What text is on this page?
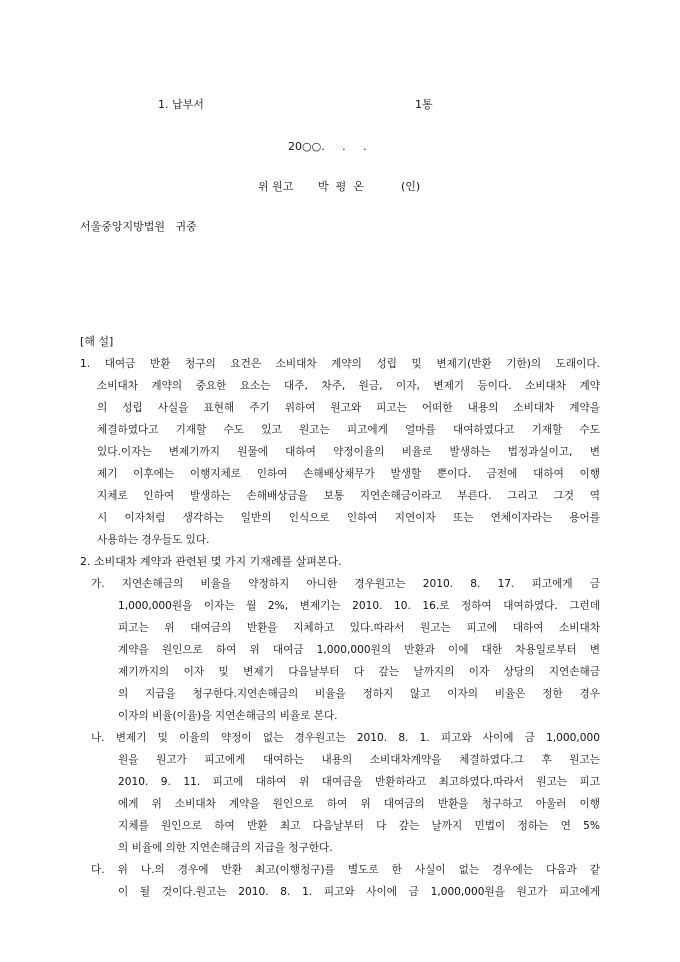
1. 납부서	1통
20○○.     .     .
위 원고 박  평  온	(인)
서울중앙지방법원   귀중
[해 설]
1. 대여금 반환 청구의 요건은 소비대차 계약의 성립 및 변제기(반환 기한)의 도래이다.
소비대차 계약의 중요한 요소는 대주, 차주, 원금, 이자, 변제기 등이다. 소비대차 계약
의 성립 사실을 표현해 주기 위하여 원고와 피고는 어떠한 내용의 소비대차 계약을
체결하였다고 기재할 수도 있고 원고는 피고에게 얼마를 대여하였다고 기재할 수도
있다.이자는 변제기까지 원물에 대하여 약정이율의 비율로 발생하는 법정과실이고, 변
제기 이후에는 이행지체로 인하여 손해배상채무가 발생할 뿐이다. 금전에 대하여 이행
지체로 인하여 발생하는 손해배상금을 보통 지연손해금이라고 부른다. 그리고 그것 역
시 이자처럼 생각하는 일반의 인식으로 인하여 지연이자 또는 연체이자라는 용어를
사용하는 경우들도 있다.
2. 소비대차 계약과 관련된 몇 가지 기재례를 살펴본다.
가. 지연손해금의 비율을 약정하지 아니한 경우원고는 2010. 8. 17. 피고에게 금
1,000,000원을 이자는 월 2%, 변제기는 2010. 10. 16.로 정하여 대여하였다. 그런데
피고는 위 대여금의 반환을 지체하고 있다.따라서 원고는 피고에 대하여 소비대차
계약을 원인으로 하여 위 대여금 1,000,000원의 반환과 이에 대한 차용일로부터 변
제기까지의 이자 및 변제기 다음날부터 다 갚는 날까지의 이자 상당의 지연손해금
의 지급을 청구한다.지연손해금의 비율을 정하지 않고 이자의 비율은 정한 경우
이자의 비율(이율)을 지연손해금의 비율로 본다.
나. 변제기 및 이율의 약정이 없는 경우원고는 2010. 8. 1. 피고와 사이에 금 1,000,000
원을 원고가 피고에게 대여하는 내용의 소비대차계약을 체결하였다.그 후 원고는
2010. 9. 11. 피고에 대하여 위 대여금을 반환하라고 최고하였다.따라서 원고는 피고
에게 위 소비대차 계약을 원인으로 하여 위 대여금의 반환을 청구하고 아울러 이행
지체를 원인으로 하여 반환 최고 다음날부터 다 갚는 날까지 민법이 정하는 연 5%
의 비율에 의한 지연손해금의 지급을 청구한다.
다. 위 나.의 경우에 반환 최고(이행청구)를 별도로 한 사실이 없는 경우에는 다음과 같
이 될 것이다.원고는 2010. 8. 1. 피고와 사이에 금 1,000,000원을 원고가 피고에게
